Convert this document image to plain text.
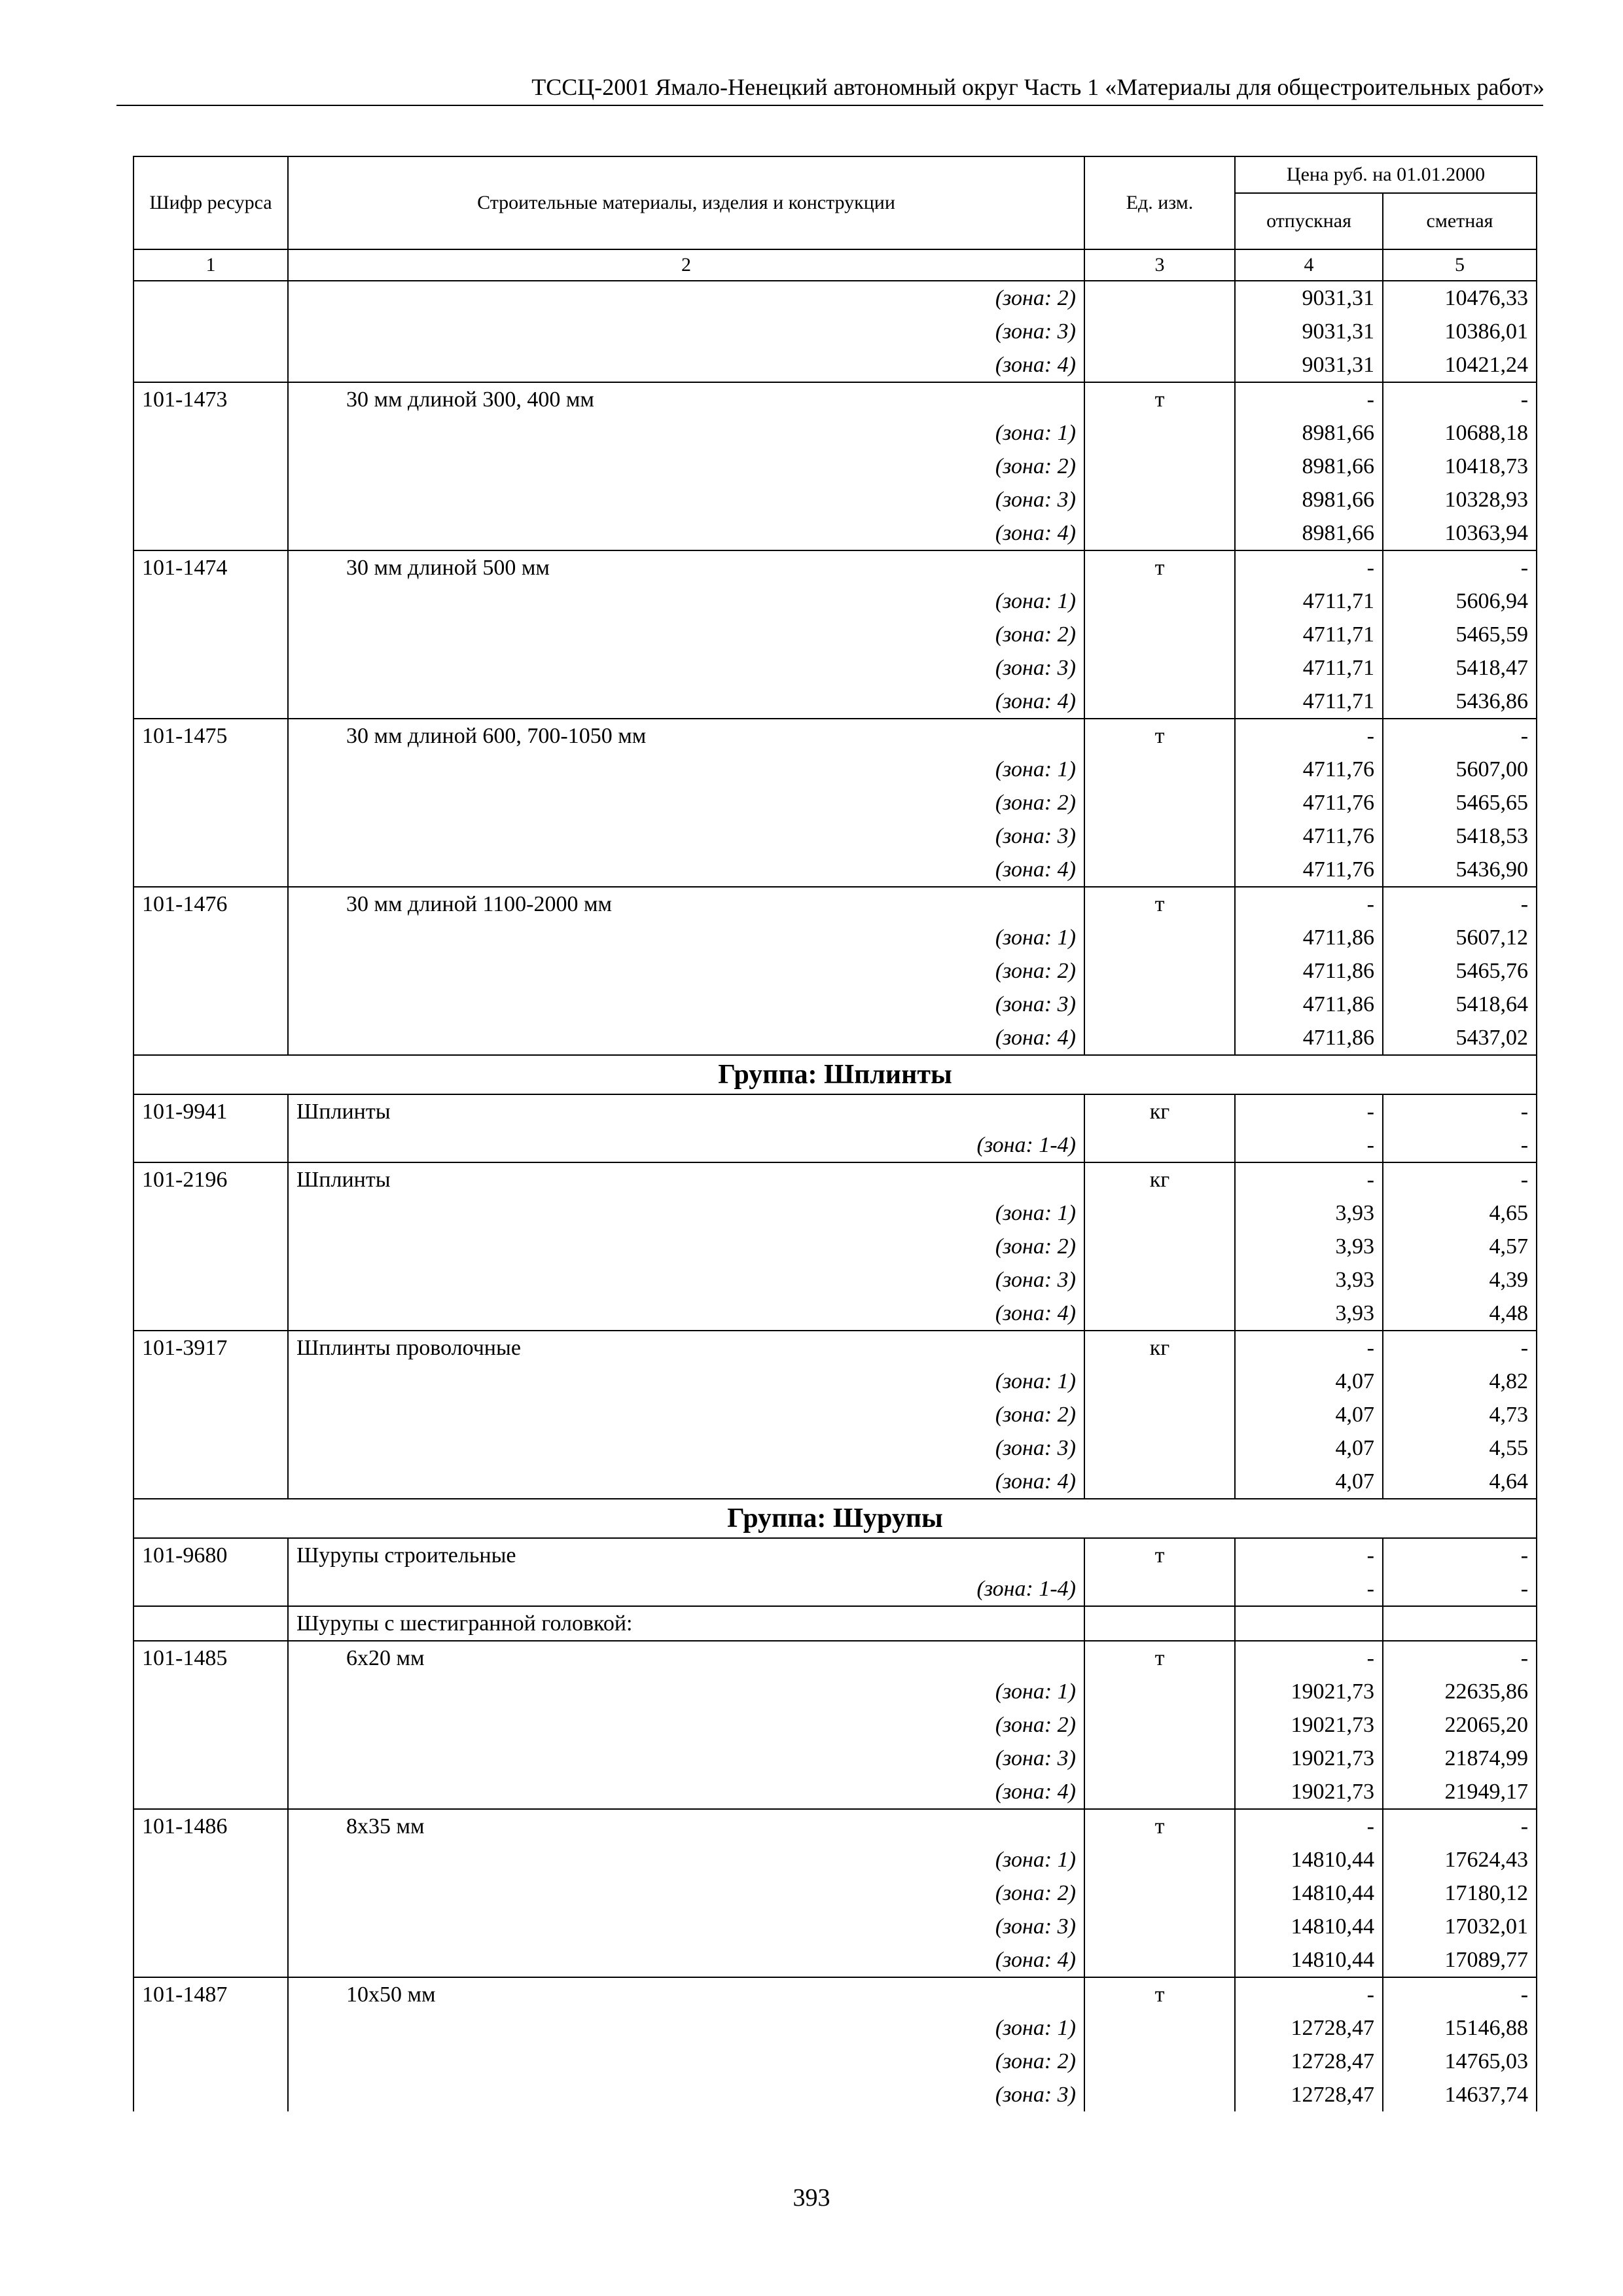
ТССЦ-2001 Ямало-Ненецкий автономный округ Часть 1 «Материалы для общестроительных работ»
Шифр ресурса	Строительные материалы, изделия и конструкции	Ед. изм.	Цена руб. на 01.01.2000	
			отпускная	сметная
1	2	3	4	5
	(зона: 2)		9031,31	10476,33
	(зона: 3)		9031,31	10386,01
	(зона: 4)		9031,31	10421,24
101-1473	30 мм длиной 300, 400 мм	т	-	-
	(зона: 1)		8981,66	10688,18
	(зона: 2)		8981,66	10418,73
	(зона: 3)		8981,66	10328,93
	(зона: 4)		8981,66	10363,94
101-1474	30 мм длиной 500 мм	т	-	-
	(зона: 1)		4711,71	5606,94
	(зона: 2)		4711,71	5465,59
	(зона: 3)		4711,71	5418,47
	(зона: 4)		4711,71	5436,86
101-1475	30 мм длиной 600, 700-1050 мм	т	-	-
	(зона: 1)		4711,76	5607,00
	(зона: 2)		4711,76	5465,65
	(зона: 3)		4711,76	5418,53
	(зона: 4)		4711,76	5436,90
101-1476	30 мм длиной 1100-2000 мм	т	-	-
	(зона: 1)		4711,86	5607,12
	(зона: 2)		4711,86	5465,76
	(зона: 3)		4711,86	5418,64
	(зона: 4)		4711,86	5437,02
Группа: Шплинты				
101-9941	Шплинты	кг	-	-
	(зона: 1-4)		-	-
101-2196	Шплинты	кг	-	-
	(зона: 1)		3,93	4,65
	(зона: 2)		3,93	4,57
	(зона: 3)		3,93	4,39
	(зона: 4)		3,93	4,48
101-3917	Шплинты проволочные	кг	-	-
	(зона: 1)		4,07	4,82
	(зона: 2)		4,07	4,73
	(зона: 3)		4,07	4,55
	(зона: 4)		4,07	4,64
Группа: Шурупы				
101-9680	Шурупы строительные	т	-	-
	(зона: 1-4)		-	-
	Шурупы с шестигранной головкой:			
101-1485	6х20 мм	т	-	-
	(зона: 1)		19021,73	22635,86
	(зона: 2)		19021,73	22065,20
	(зона: 3)		19021,73	21874,99
	(зона: 4)		19021,73	21949,17
101-1486	8х35 мм	т	-	-
	(зона: 1)		14810,44	17624,43
	(зона: 2)		14810,44	17180,12
	(зона: 3)		14810,44	17032,01
	(зона: 4)		14810,44	17089,77
101-1487	10х50 мм	т	-	-
	(зона: 1)		12728,47	15146,88
	(зона: 2)		12728,47	14765,03
	(зона: 3)		12728,47	14637,74
393
